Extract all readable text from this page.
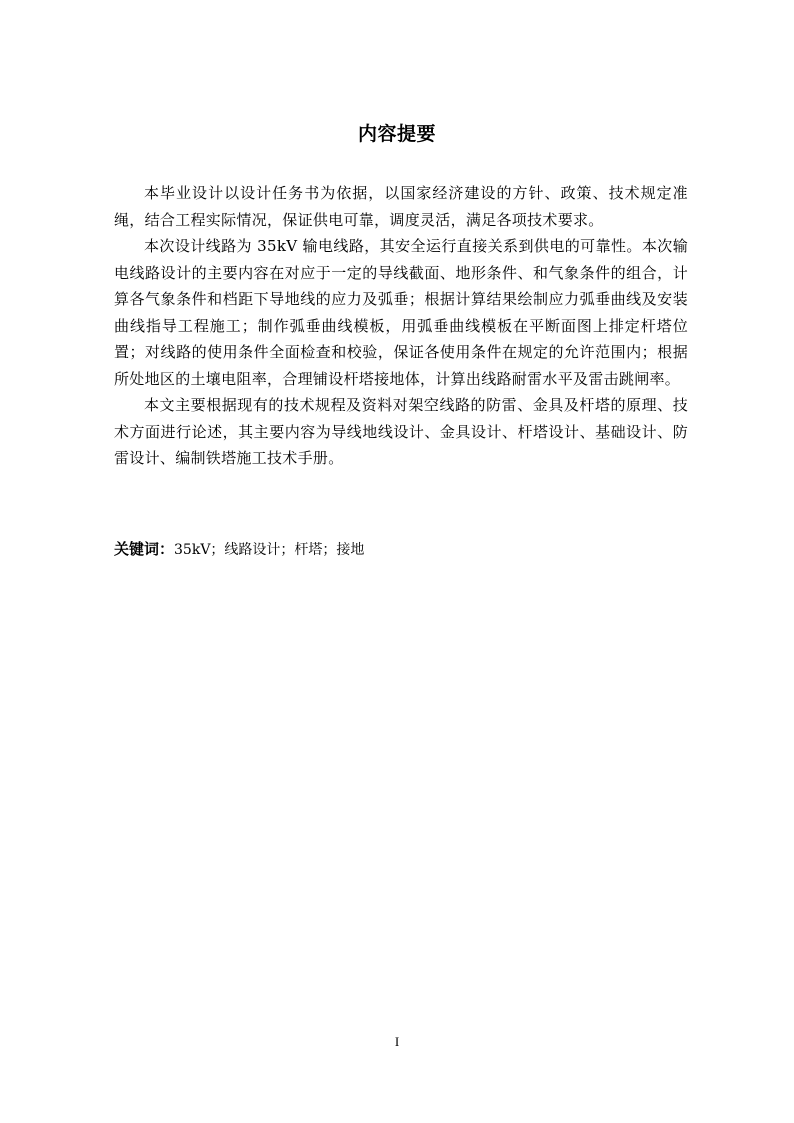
内容提要

本毕业设计以设计任务书为依据，以国家经济建设的方针、政策、技术规定准绳，结合工程实际情况，保证供电可靠，调度灵活，满足各项技术要求。

本次设计线路为 35kV 输电线路，其安全运行直接关系到供电的可靠性。本次输电线路设计的主要内容在对应于一定的导线截面、地形条件、和气象条件的组合，计算各气象条件和档距下导地线的应力及弧垂；根据计算结果绘制应力弧垂曲线及安装曲线指导工程施工；制作弧垂曲线模板，用弧垂曲线模板在平断面图上排定杆塔位置；对线路的使用条件全面检查和校验，保证各使用条件在规定的允许范围内；根据所处地区的土壤电阻率，合理铺设杆塔接地体，计算出线路耐雷水平及雷击跳闸率。

本文主要根据现有的技术规程及资料对架空线路的防雷、金具及杆塔的原理、技术方面进行论述，其主要内容为导线地线设计、金具设计、杆塔设计、基础设计、防雷设计、编制铁塔施工技术手册。

关键词：35kV；线路设计；杆塔；接地
I
